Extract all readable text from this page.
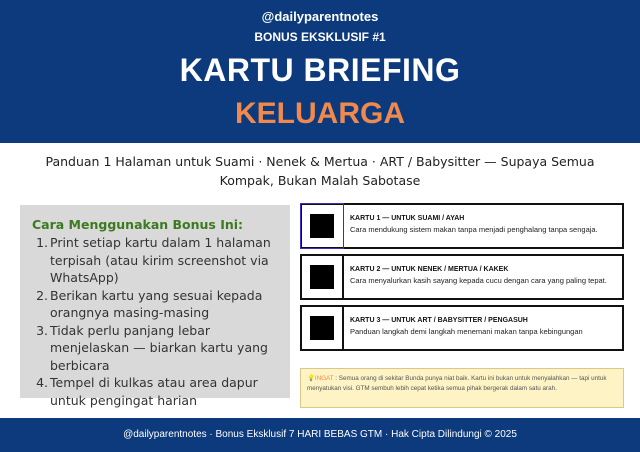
@dailyparentnotes
BONUS EKSKLUSIF #1
KARTU BRIEFING
KELUARGA
Panduan 1 Halaman untuk Suami · Nenek & Mertua · ART / Babysitter — Supaya Semua Kompak, Bukan Malah Sabotase
Cara Menggunakan Bonus Ini:
1. Print setiap kartu dalam 1 halaman terpisah (atau kirim screenshot via WhatsApp)
2. Berikan kartu yang sesuai kepada orangnya masing-masing
3. Tidak perlu panjang lebar menjelaskan — biarkan kartu yang berbicara
4. Tempel di kulkas atau area dapur untuk pengingat harian
KARTU 1 — UNTUK SUAMI / AYAH
Cara mendukung sistem makan tanpa menjadi penghalang tanpa sengaja.
KARTU 2 — UNTUK NENEK / MERTUA / KAKEK
Cara menyalurkan kasih sayang kepada cucu dengan cara yang paling tepat.
KARTU 3 — UNTUK ART / BABYSITTER / PENGASUH
Panduan langkah demi langkah menemani makan tanpa kebingungan
💡INGAT : Semua orang di sekitar Bunda punya niat baik. Kartu ini bukan untuk menyalahkan — tapi untuk menyatukan visi. GTM sembuh lebih cepat ketika semua pihak bergerak dalam satu arah.
@dailyparentnotes · Bonus Eksklusif 7 HARI BEBAS GTM · Hak Cipta Dilindungi © 2025
